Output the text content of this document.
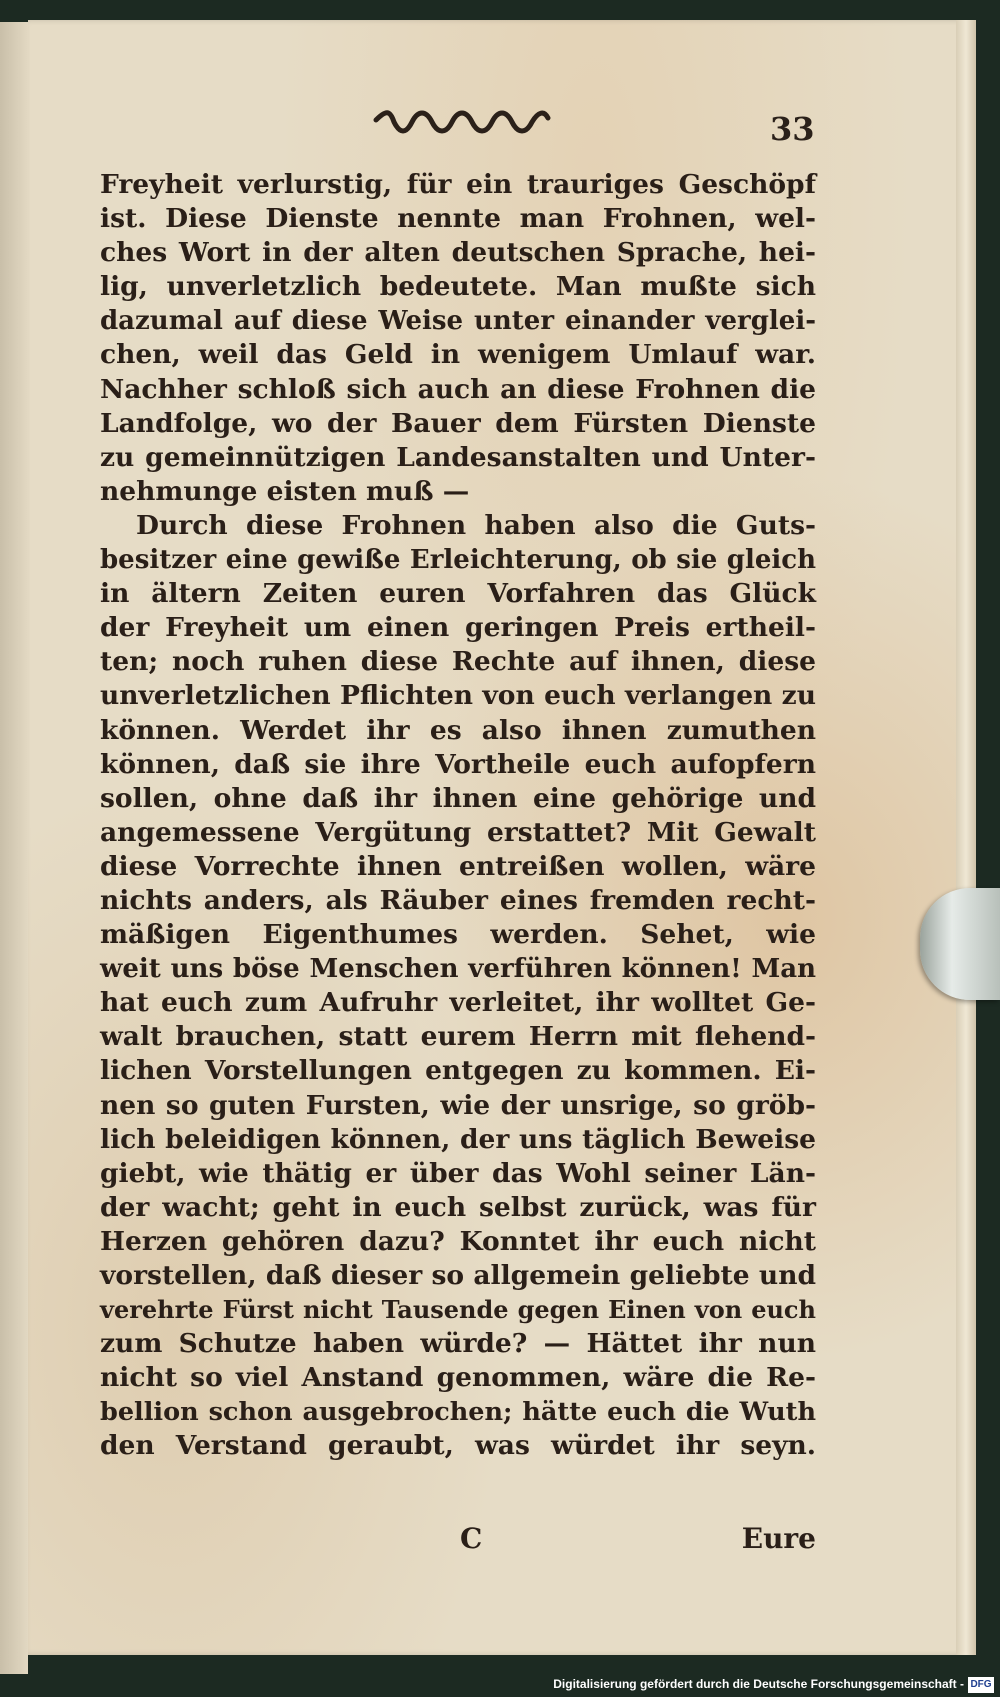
33
Freyheit verlurstig, für ein trauriges Geschöpf
ist. Diese Dienste nennte man Frohnen, wel-
ches Wort in der alten deutschen Sprache, hei-
lig, unverletzlich bedeutete. Man mußte sich
dazumal auf diese Weise unter einander verglei-
chen, weil das Geld in wenigem Umlauf war.
Nachher schloß sich auch an diese Frohnen die
Landfolge, wo der Bauer dem Fürsten Dienste
zu gemeinnützigen Landesanstalten und Unter-
nehmunge eisten muß —
Durch diese Frohnen haben also die Guts-
besitzer eine gewiße Erleichterung, ob sie gleich
in ältern Zeiten euren Vorfahren das Glück
der Freyheit um einen geringen Preis ertheil-
ten; noch ruhen diese Rechte auf ihnen, diese
unverletzlichen Pflichten von euch verlangen zu
können. Werdet ihr es also ihnen zumuthen
können, daß sie ihre Vortheile euch aufopfern
sollen, ohne daß ihr ihnen eine gehörige und
angemessene Vergütung erstattet? Mit Gewalt
diese Vorrechte ihnen entreißen wollen, wäre
nichts anders, als Räuber eines fremden recht-
mäßigen Eigenthumes werden. Sehet, wie
weit uns böse Menschen verführen können! Man
hat euch zum Aufruhr verleitet, ihr wolltet Ge-
walt brauchen, statt eurem Herrn mit flehend-
lichen Vorstellungen entgegen zu kommen. Ei-
nen so guten Fursten, wie der unsrige, so gröb-
lich beleidigen können, der uns täglich Beweise
giebt, wie thätig er über das Wohl seiner Län-
der wacht; geht in euch selbst zurück, was für
Herzen gehören dazu? Konntet ihr euch nicht
vorstellen, daß dieser so allgemein geliebte und
verehrte Fürst nicht Tausende gegen Einen von euch
zum Schutze haben würde? — Hättet ihr nun
nicht so viel Anstand genommen, wäre die Re-
bellion schon ausgebrochen; hätte euch die Wuth
den Verstand geraubt, was würdet ihr seyn.
C	Eure
Digitalisierung gefördert durch die Deutsche Forschungsgemeinschaft - DFG
